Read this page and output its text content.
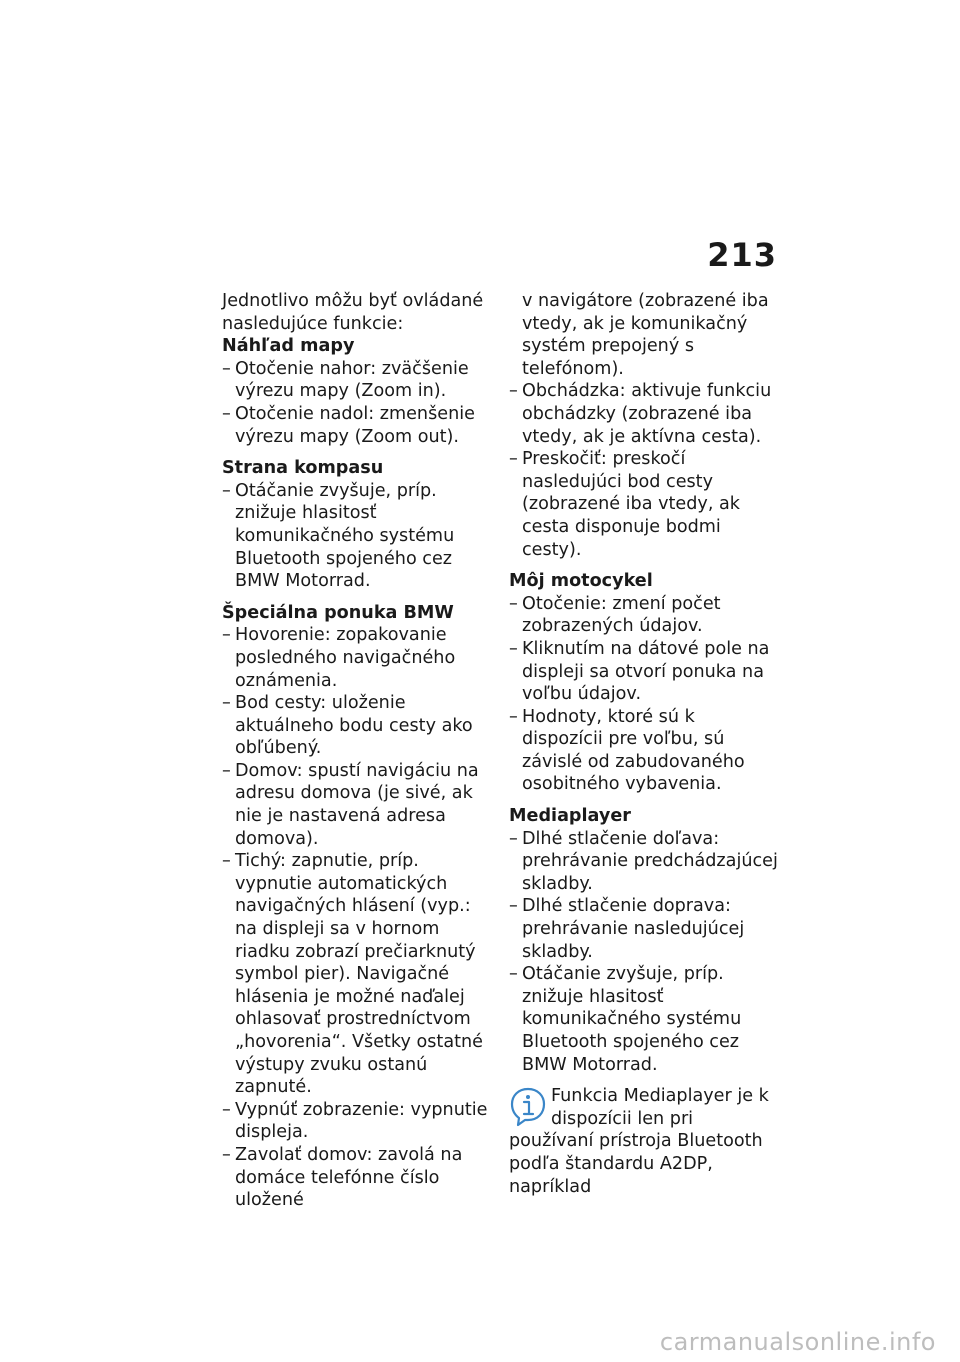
213

Jednotlivo môžu byť ovládané nasledujúce funkcie:

Náhľad mapy

– Otočenie nahor: zväčšenie výrezu mapy (Zoom in).
– Otočenie nadol: zmenšenie výrezu mapy (Zoom out).

Strana kompasu

– Otáčanie zvyšuje, príp. znižuje hlasitosť komunikačného systému Bluetooth spojeného cez BMW Motorrad.

Špeciálna ponuka BMW

– Hovorenie: zopakovanie posledného navigačného oznámenia.
– Bod cesty: uloženie aktuálneho bodu cesty ako obľúbený.
– Domov: spustí navigáciu na adresu domova (je sivé, ak nie je nastavená adresa domova).
– Tichý: zapnutie, príp. vypnutie automatických navigačných hlásení (vyp.: na displeji sa v hornom riadku zobrazí prečiarknutý symbol pier). Navigačné hlásenia je možné naďalej ohlasovať prostredníctvom „hovorenia“. Všetky ostatné výstupy zvuku ostanú zapnuté.
– Vypnúť zobrazenie: vypnutie displeja.
– Zavolať domov: zavolá na domáce telefónne číslo uložené
v navigátore (zobrazené iba vtedy, ak je komunikačný systém prepojený s telefónom).
– Obchádzka: aktivuje funkciu obchádzky (zobrazené iba vtedy, ak je aktívna cesta).
– Preskočiť: preskočí nasledujúci bod cesty (zobrazené iba vtedy, ak cesta disponuje bodmi cesty).

Môj motocykel

– Otočenie: zmení počet zobrazených údajov.
– Kliknutím na dátové pole na displeji sa otvorí ponuka na voľbu údajov.
– Hodnoty, ktoré sú k dispozícii pre voľbu, sú závislé od zabudovaného osobitného vybavenia.

Mediaplayer

– Dlhé stlačenie doľava: prehrávanie predchádzajúcej skladby.
– Dlhé stlačenie doprava: prehrávanie nasledujúcej skladby.
– Otáčanie zvyšuje, príp. znižuje hlasitosť komunikačného systému Bluetooth spojeného cez BMW Motorrad.
Funkcia Mediaplayer je k dispozícii len pri používaní prístroja Bluetooth podľa štandardu A2DP, napríklad
carmanualsonline.info
